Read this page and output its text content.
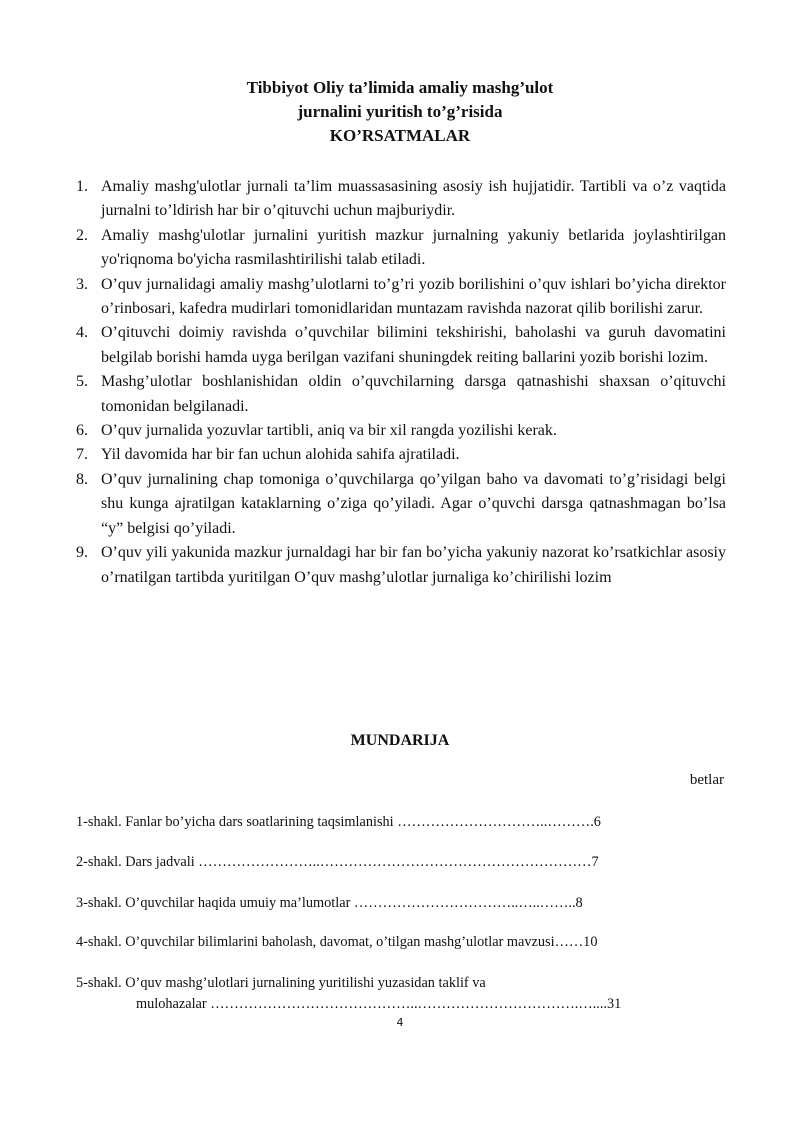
Tibbiyot Oliy ta’limida amaliy mashg’ulot
jurnalini yuritish to’g’risida
KO’RSATMALAR
1. Amaliy mashg'ulotlar jurnali ta’lim muassasasining asosiy ish hujjatidir. Tartibli va o’z vaqtida jurnalni to’ldirish har bir o’qituvchi uchun majburiydir.
2. Amaliy mashg'ulotlar jurnalini yuritish mazkur jurnalning yakuniy betlarida joylashtirilgan yo'riqnoma bo'yicha rasmilashtirilishi talab etiladi.
3. O’quv jurnalidagi amaliy mashg’ulotlarni to’g’ri yozib borilishini o’quv ishlari bo’yicha direktor o’rinbosari, kafedra mudirlari tomonidlaridan muntazam ravishda nazorat qilib borilishi zarur.
4. O’qituvchi doimiy ravishda o’quvchilar bilimini tekshirishi, baholashi va guruh davomatini belgilab borishi hamda uyga berilgan vazifani shuningdek reiting ballarini yozib borishi lozim.
5. Mashg’ulotlar boshlanishidan oldin o’quvchilarning darsga qatnashishi shaxsan o’qituvchi tomonidan belgilanadi.
6. O’quv jurnalida yozuvlar tartibli, aniq va bir xil rangda yozilishi kerak.
7. Yil davomida har bir fan uchun alohida sahifa ajratiladi.
8. O’quv jurnalining chap tomoniga o’quvchilarga qo’yilgan baho va davomati to’g’risidagi belgi shu kunga ajratilgan kataklarning o’ziga qo’yiladi. Agar o’quvchi darsga qatnashmagan bo’lsa “y” belgisi qo’yiladi.
9. O’quv yili yakunida mazkur jurnaldagi har bir fan bo’yicha yakuniy nazorat ko’rsatkichlar asosiy o’rnatilgan tartibda yuritilgan O’quv mashg’ulotlar jurnaliga ko’chirilishi lozim
MUNDARIJA
betlar
1-shakl. Fanlar bo’yicha dars soatlarining taqsimlanishi …………………………..……….6
2-shakl. Dars jadvali ……………………..…………………………………………………7
3-shakl. O’quvchilar haqida umuiy ma’lumotlar ……………………………..…..……..8
4-shakl. O’quvchilar bilimlarini baholash, davomat, o’tilgan mashg’ulotlar mavzusi……10
5-shakl. O’quv mashg’ulotlari jurnalining yuritilishi yuzasidan taklif va
mulohazalar ……………………………………..…………………………….…....31
4
